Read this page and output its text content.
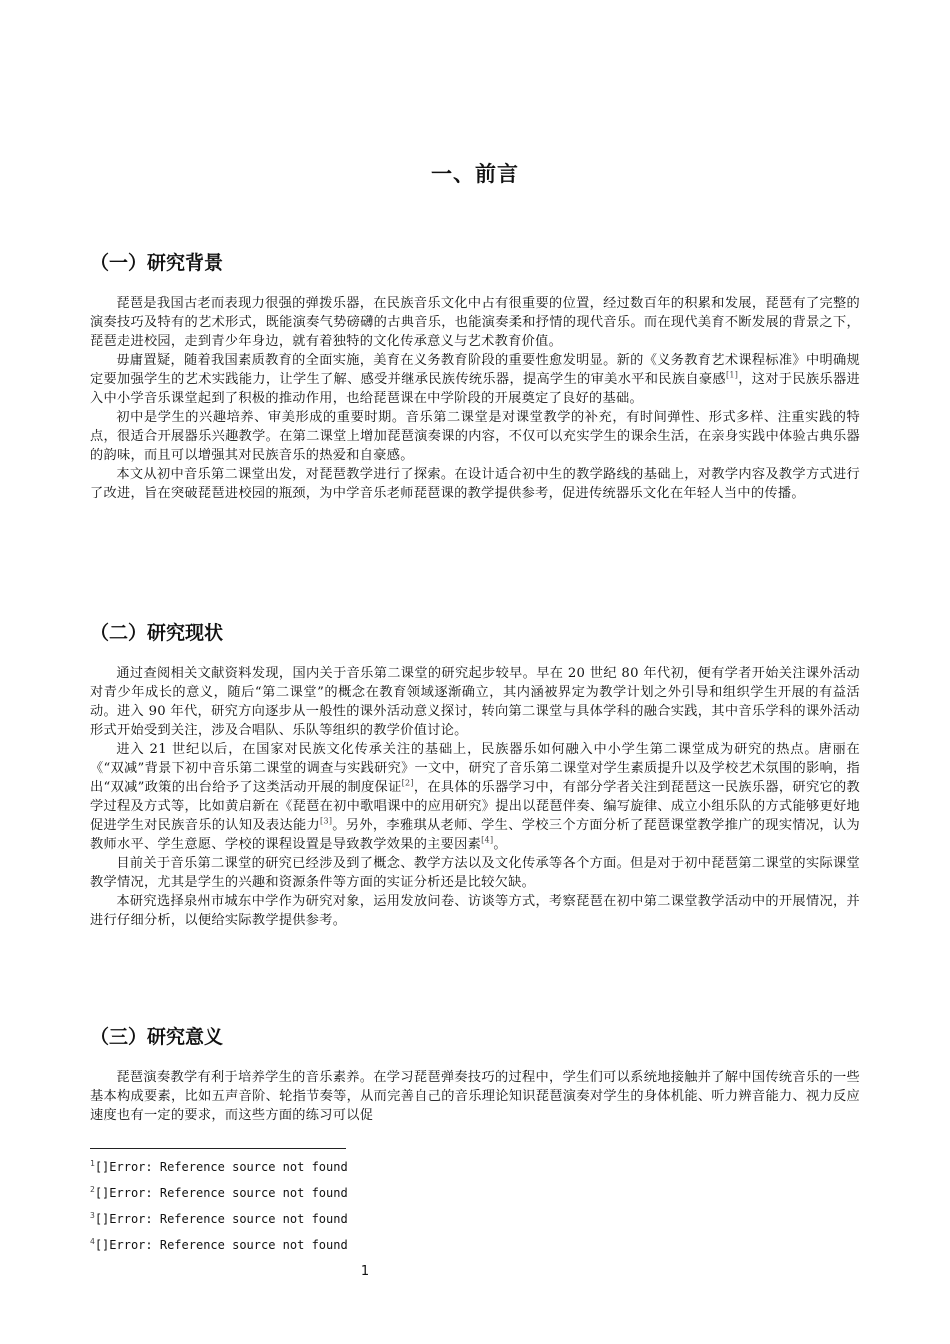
一、前言
（一）研究背景

琵琶是我国古老而表现力很强的弹拨乐器，在民族音乐文化中占有很重要的位置，经过数百年的积累和发展，琵琶有了完整的演奏技巧及特有的艺术形式，既能演奏气势磅礴的古典音乐，也能演奏柔和抒情的现代音乐。而在现代美育不断发展的背景之下，琵琶走进校园，走到青少年身边，就有着独特的文化传承意义与艺术教育价值。

毋庸置疑，随着我国素质教育的全面实施，美育在义务教育阶段的重要性愈发明显。新的《义务教育艺术课程标准》中明确规定要加强学生的艺术实践能力，让学生了解、感受并继承民族传统乐器，提高学生的审美水平和民族自豪感[1]，这对于民族乐器进入中小学音乐课堂起到了积极的推动作用，也给琵琶课在中学阶段的开展奠定了良好的基础。

初中是学生的兴趣培养、审美形成的重要时期。音乐第二课堂是对课堂教学的补充，有时间弹性、形式多样、注重实践的特点，很适合开展器乐兴趣教学。在第二课堂上增加琵琶演奏课的内容，不仅可以充实学生的课余生活，在亲身实践中体验古典乐器的韵味，而且可以增强其对民族音乐的热爱和自豪感。

本文从初中音乐第二课堂出发，对琵琶教学进行了探索。在设计适合初中生的教学路线的基础上，对教学内容及教学方式进行了改进，旨在突破琵琶进校园的瓶颈，为中学音乐老师琵琶课的教学提供参考，促进传统器乐文化在年轻人当中的传播。

（二）研究现状

通过查阅相关文献资料发现，国内关于音乐第二课堂的研究起步较早。早在 20 世纪 80 年代初，便有学者开始关注课外活动对青少年成长的意义，随后“第二课堂”的概念在教育领域逐渐确立，其内涵被界定为教学计划之外引导和组织学生开展的有益活动。进入 90 年代，研究方向逐步从一般性的课外活动意义探讨，转向第二课堂与具体学科的融合实践，其中音乐学科的课外活动形式开始受到关注，涉及合唱队、乐队等组织的教学价值讨论。

进入 21 世纪以后，在国家对民族文化传承关注的基础上，民族器乐如何融入中小学生第二课堂成为研究的热点。唐丽在《“双减”背景下初中音乐第二课堂的调查与实践研究》一文中，研究了音乐第二课堂对学生素质提升以及学校艺术氛围的影响，指出“双减”政策的出台给予了这类活动开展的制度保证[2]，在具体的乐器学习中，有部分学者关注到琵琶这一民族乐器，研究它的教学过程及方式等，比如黄启新在《琵琶在初中歌唱课中的应用研究》提出以琵琶伴奏、编写旋律、成立小组乐队的方式能够更好地促进学生对民族音乐的认知及表达能力[3]。另外，李雅琪从老师、学生、学校三个方面分析了琵琶课堂教学推广的现实情况，认为教师水平、学生意愿、学校的课程设置是导致教学效果的主要因素[4]。

目前关于音乐第二课堂的研究已经涉及到了概念、教学方法以及文化传承等各个方面。但是对于初中琵琶第二课堂的实际课堂教学情况，尤其是学生的兴趣和资源条件等方面的实证分析还是比较欠缺。

本研究选择泉州市城东中学作为研究对象，运用发放问卷、访谈等方式，考察琵琶在初中第二课堂教学活动中的开展情况，并进行仔细分析，以便给实际教学提供参考。

（三）研究意义

琵琶演奏教学有利于培养学生的音乐素养。在学习琵琶弹奏技巧的过程中，学生们可以系统地接触并了解中国传统音乐的一些基本构成要素，比如五声音阶、轮指节奏等，从而完善自己的音乐理论知识琵琶演奏对学生的身体机能、听力辨音能力、视力反应速度也有一定的要求，而这些方面的练习可以促

$^1$[]Error: Reference source not found
$^2$[]Error: Reference source not found
$^3$[]Error: Reference source not found
$^4$[]Error: Reference source not found
1
